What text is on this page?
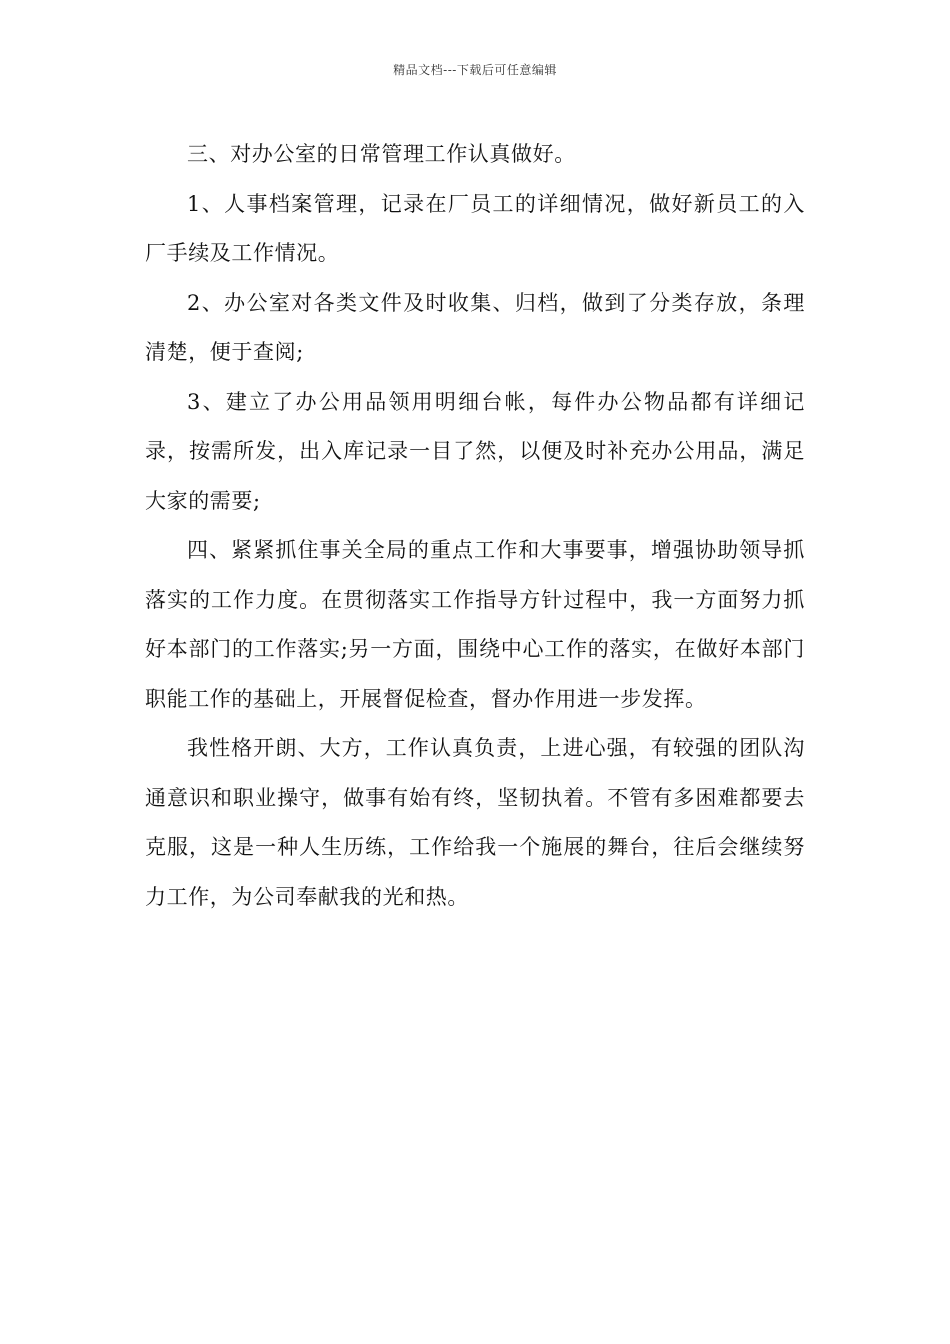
精品文档---下载后可任意编辑

三、对办公室的日常管理工作认真做好。

1、人事档案管理，记录在厂员工的详细情况，做好新员工的入厂手续及工作情况。

2、办公室对各类文件及时收集、归档，做到了分类存放，条理清楚，便于查阅;

3、建立了办公用品领用明细台帐，每件办公物品都有详细记录，按需所发，出入库记录一目了然，以便及时补充办公用品，满足大家的需要;

四、紧紧抓住事关全局的重点工作和大事要事，增强协助领导抓落实的工作力度。在贯彻落实工作指导方针过程中，我一方面努力抓好本部门的工作落实;另一方面，围绕中心工作的落实，在做好本部门职能工作的基础上，开展督促检查，督办作用进一步发挥。

我性格开朗、大方，工作认真负责，上进心强，有较强的团队沟通意识和职业操守，做事有始有终，坚韧执着。不管有多困难都要去克服，这是一种人生历练，工作给我一个施展的舞台，往后会继续努力工作，为公司奉献我的光和热。
